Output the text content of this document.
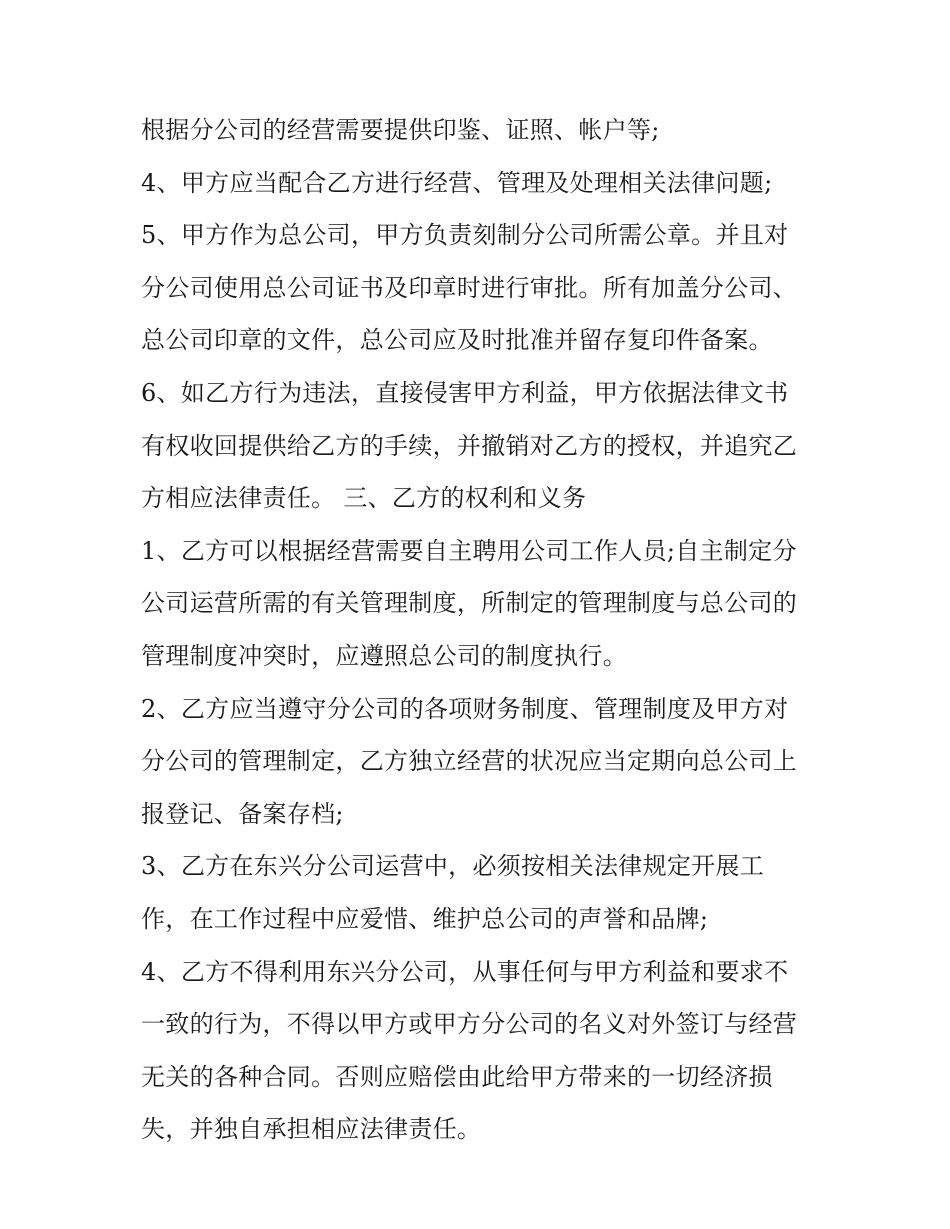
根据分公司的经营需要提供印鉴、证照、帐户等;
4、甲方应当配合乙方进行经营、管理及处理相关法律问题;
5、甲方作为总公司，甲方负责刻制分公司所需公章。并且对
分公司使用总公司证书及印章时进行审批。所有加盖分公司、
总公司印章的文件，总公司应及时批准并留存复印件备案。
6、如乙方行为违法，直接侵害甲方利益，甲方依据法律文书
有权收回提供给乙方的手续，并撤销对乙方的授权，并追究乙
方相应法律责任。 三、乙方的权利和义务
1、乙方可以根据经营需要自主聘用公司工作人员;自主制定分
公司运营所需的有关管理制度，所制定的管理制度与总公司的
管理制度冲突时，应遵照总公司的制度执行。
2、乙方应当遵守分公司的各项财务制度、管理制度及甲方对
分公司的管理制定，乙方独立经营的状况应当定期向总公司上
报登记、备案存档;
3、乙方在东兴分公司运营中，必须按相关法律规定开展工
作，在工作过程中应爱惜、维护总公司的声誉和品牌;
4、乙方不得利用东兴分公司，从事任何与甲方利益和要求不
一致的行为，不得以甲方或甲方分公司的名义对外签订与经营
无关的各种合同。否则应赔偿由此给甲方带来的一切经济损
失，并独自承担相应法律责任。
